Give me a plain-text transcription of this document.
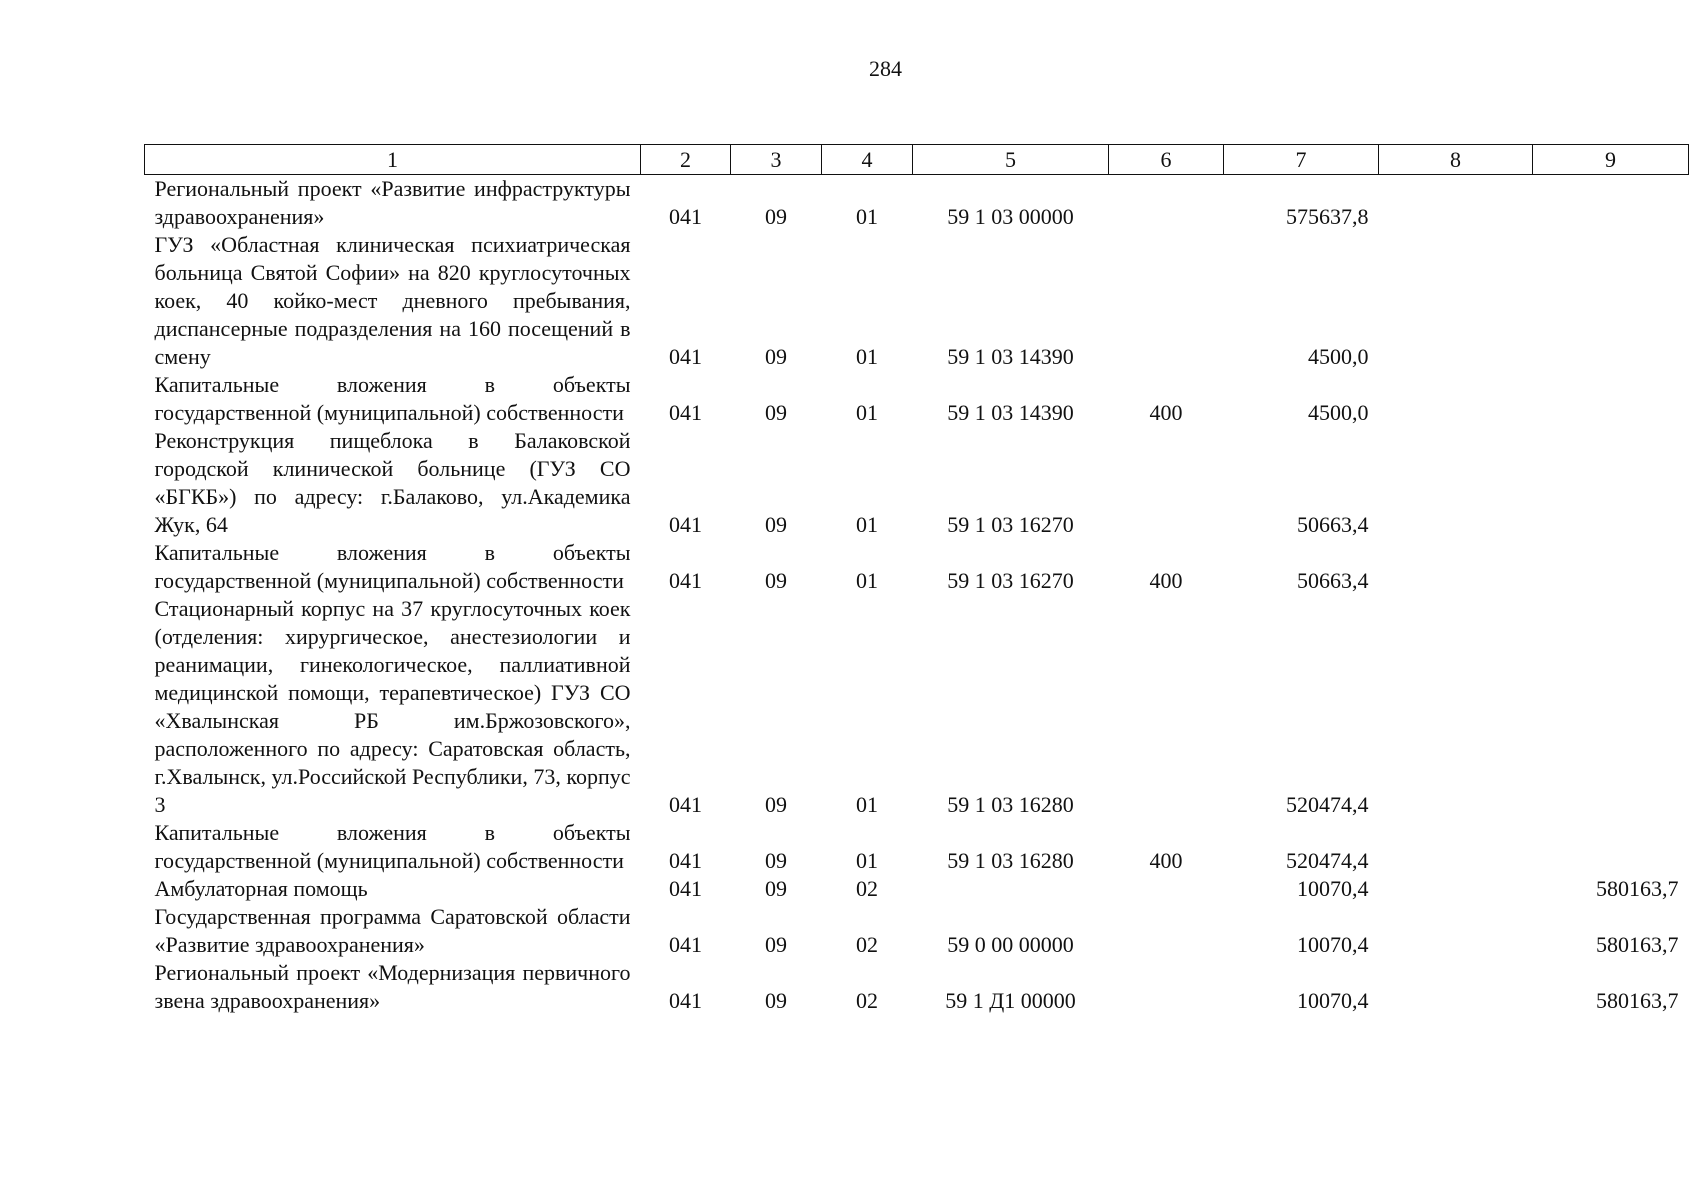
284
1	2	3	4	5	6	7	8	9
Региональный проект «Развитие инфраструктуры здравоохранения»	041	09	01	59 1 03 00000		575637,8		
ГУЗ «Областная клиническая психиатрическая больница Святой Софии» на 820 круглосуточных коек, 40 койко-мест дневного пребывания, диспансерные подразделения на 160 посещений в смену	041	09	01	59 1 03 14390		4500,0		
Капитальные вложения в объекты государственной (муниципальной) собственности	041	09	01	59 1 03 14390	400	4500,0		
Реконструкция пищеблока в Балаковской городской клинической больнице (ГУЗ СО «БГКБ») по адресу: г.Балаково, ул.Академика Жук, 64	041	09	01	59 1 03 16270		50663,4		
Капитальные вложения в объекты государственной (муниципальной) собственности	041	09	01	59 1 03 16270	400	50663,4		
Стационарный корпус на 37 круглосуточных коек (отделения: хирургическое, анестезиологии и реанимации, гинекологическое, паллиативной медицинской помощи, терапевтическое) ГУЗ СО «Хвалынская РБ им.Бржозовского», расположенного по адресу: Саратовская область, г.Хвалынск, ул.Российской Республики, 73, корпус 3	041	09	01	59 1 03 16280		520474,4		
Капитальные вложения в объекты государственной (муниципальной) собственности	041	09	01	59 1 03 16280	400	520474,4		
Амбулаторная помощь	041	09	02			10070,4		580163,7
Государственная программа Саратовской области «Развитие здравоохранения»	041	09	02	59 0 00 00000		10070,4		580163,7
Региональный проект «Модернизация первичного звена здравоохранения»	041	09	02	59 1 Д1 00000		10070,4		580163,7
